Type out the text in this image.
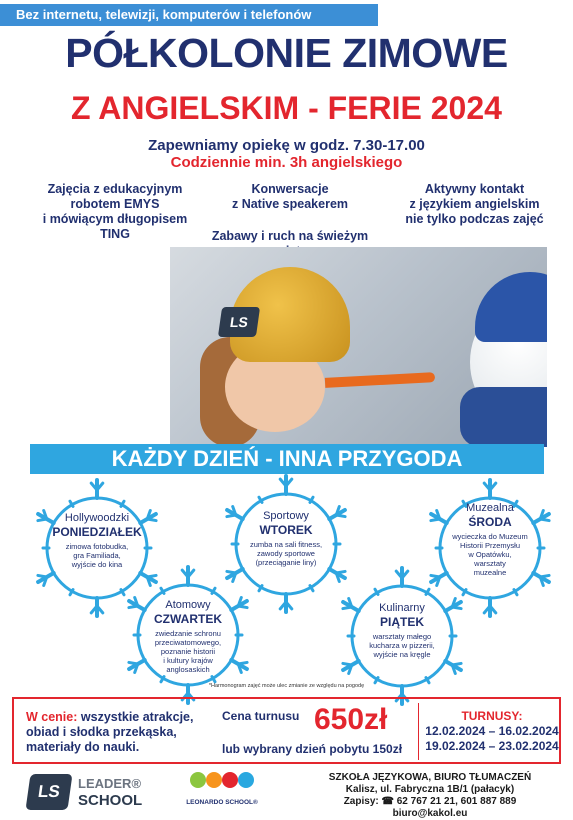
Bez internetu, telewizji, komputerów i telefonów
PÓŁKOLONIE ZIMOWE
Z ANGIELSKIM - FERIE 2024
Zapewniamy opiekę w godz. 7.30-17.00
Codziennie min. 3h angielskiego
Zajęcia z edukacyjnym
robotem EMYS
i mówiącym długopisem TING
Konwersacje
z Native speakerem
Aktywny kontakt
z językiem angielskim
nie tylko podczas zajęć
Zabawy i ruch na świeżym
LS
KAŻDY DZIEŃ - INNA PRZYGODA
Hollywoodzki
PONIEDZIAŁEK
zimowa fotobudka,
gra Familiada,
wyjście do kina
Sportowy
WTOREK
zumba na sali fitness,
zawody sportowe
(przeciąganie liny)
Muzealna
ŚRODA
wycieczka do Muzeum
Historii Przemysłu
w Opatówku,
warsztaty
muzealne
Atomowy
CZWARTEK
zwiedzanie schronu
przeciwatomowego,
poznanie historii
i kultury krajów
anglosaskich
Kulinarny
PIĄTEK
warsztaty małego
kucharza w pizzerii,
wyjście na kręgle
*Harmonogram zajęć może ulec zmianie ze względu na pogodę
W cenie: wszystkie atrakcje, obiad i słodka przekąska, materiały do nauki.
Cena turnusu 650zł
lub wybrany dzień pobytu 150zł
TURNUSY:
12.02.2024 – 16.02.2024
19.02.2024 – 23.02.2024
LS	LEADER®
SCHOOL	LEONARDO SCHOOL®
SZKOŁA JĘZYKOWA, BIURO TŁUMACZEŃ
Kalisz, ul. Fabryczna 1B/1 (pałacyk)
Zapisy: ☎ 62 767 21 21, 601 887 889
biuro@kakol.eu
